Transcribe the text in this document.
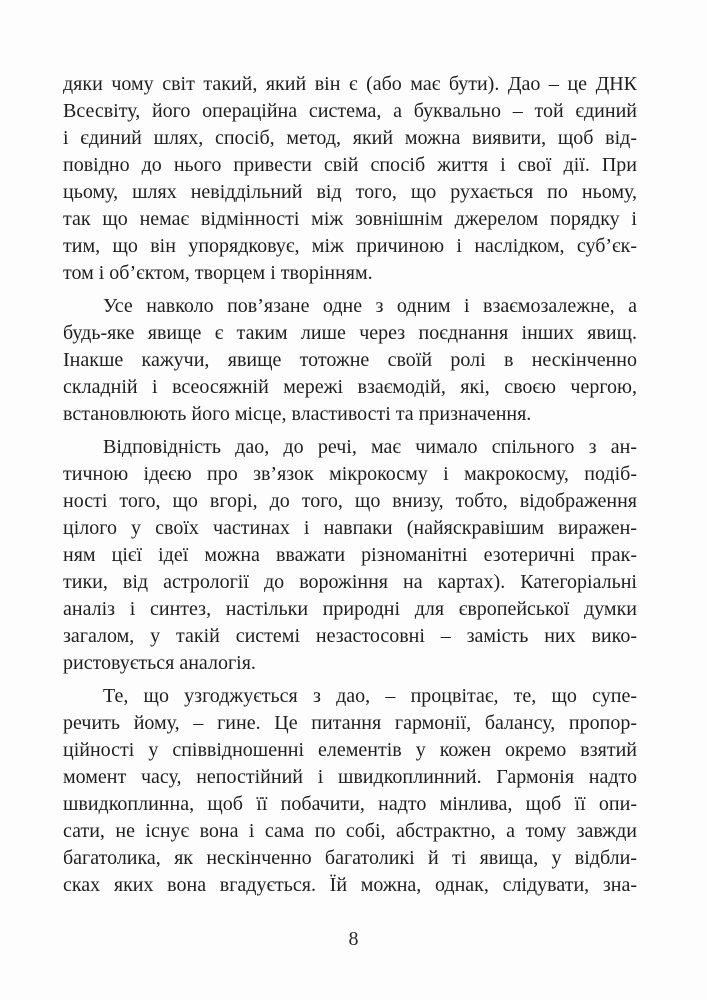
дяки чому світ такий, який він є (або має бути). Дао – це ДНК
Всесвіту, його операційна система, а буквально – той єдиний
і єдиний шлях, спосіб, метод, який можна виявити, щоб від-
повідно до нього привести свій спосіб життя і свої дії. При
цьому, шлях невіддільний від того, що рухається по ньому,
так що немає відмінності між зовнішнім джерелом порядку і
тим, що він упорядковує, між причиною і наслідком, суб’єк-
том і об’єктом, творцем і творінням.
Усе навколо пов’язане одне з одним і взаємозалежне, а
будь-яке явище є таким лише через поєднання інших явищ.
Інакше кажучи, явище тотожне своїй ролі в нескінченно
складній і всеосяжній мережі взаємодій, які, своєю чергою,
встановлюють його місце, властивості та призначення.
Відповідність дао, до речі, має чимало спільного з ан-
тичною ідеєю про зв’язок мікрокосму і макрокосму, подіб-
ності того, що вгорі, до того, що внизу, тобто, відображення
цілого у своїх частинах і навпаки (найяскравішим виражен-
ням цієї ідеї можна вважати різноманітні езотеричні прак-
тики, від астрології до ворожіння на картах). Категоріальні
аналіз і синтез, настільки природні для європейської думки
загалом, у такій системі незастосовні – замість них вико-
ристовується аналогія.
Те, що узгоджується з дао, – процвітає, те, що супе-
речить йому, – гине. Це питання гармонії, балансу, пропор-
ційності у співвідношенні елементів у кожен окремо взятий
момент часу, непостійний і швидкоплинний. Гармонія надто
швидкоплинна, щоб її побачити, надто мінлива, щоб її опи-
сати, не існує вона і сама по собі, абстрактно, а тому завжди
багатолика, як нескінченно багатоликі й ті явища, у відбли-
сках яких вона вгадується. Їй можна, однак, слідувати, зна-
8
